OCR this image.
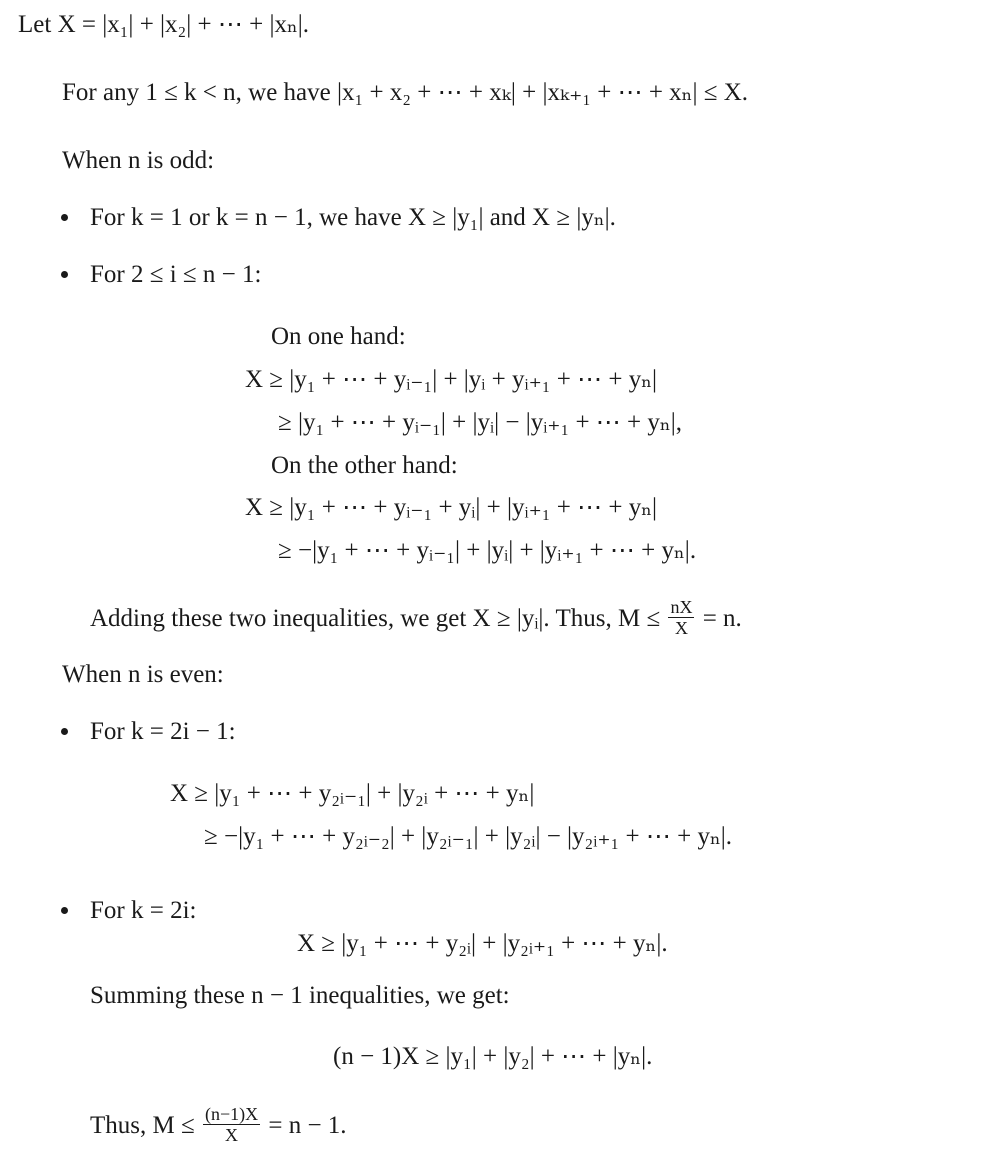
Let X = |x₁| + |x₂| + ⋯ + |xₙ|.
For any 1 ≤ k < n, we have |x₁ + x₂ + ⋯ + xₖ| + |xₖ₊₁ + ⋯ + xₙ| ≤ X.
When n is odd:
For k = 1 or k = n − 1, we have X ≥ |y₁| and X ≥ |yₙ|.
For 2 ≤ i ≤ n − 1:
On one hand:
X ≥ |y₁ + ⋯ + yᵢ₋₁| + |yᵢ + yᵢ₊₁ + ⋯ + yₙ|
≥ |y₁ + ⋯ + yᵢ₋₁| + |yᵢ| − |yᵢ₊₁ + ⋯ + yₙ|,
On the other hand:
X ≥ |y₁ + ⋯ + yᵢ₋₁ + yᵢ| + |yᵢ₊₁ + ⋯ + yₙ|
≥ −|y₁ + ⋯ + yᵢ₋₁| + |yᵢ| + |yᵢ₊₁ + ⋯ + yₙ|.
Adding these two inequalities, we get X ≥ |yᵢ|. Thus, $M \le \frac{nX}{X} = n$.
When n is even:
For k = 2i − 1:
X ≥ |y₁ + ⋯ + y₂ᵢ₋₁| + |y₂ᵢ + ⋯ + yₙ|
≥ −|y₁ + ⋯ + y₂ᵢ₋₂| + |y₂ᵢ₋₁| + |y₂ᵢ| − |y₂ᵢ₊₁ + ⋯ + yₙ|.
For k = 2i:
X ≥ |y₁ + ⋯ + y₂ᵢ| + |y₂ᵢ₊₁ + ⋯ + yₙ|.
Summing these n − 1 inequalities, we get:
(n − 1)X ≥ |y₁| + |y₂| + ⋯ + |yₙ|.
Thus, $M \le \frac{(n-1)X}{X} = n - 1$.
